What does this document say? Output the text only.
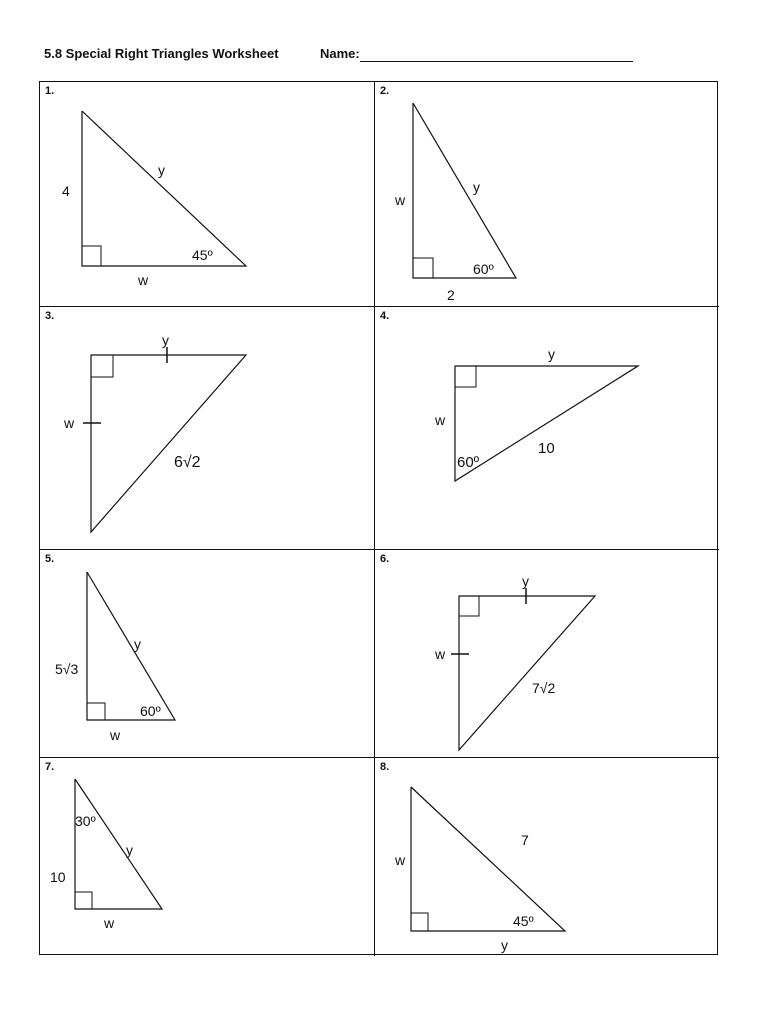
5.8 Special Right Triangles Worksheet	Name:
1.
4
y
w
45º
2.
w
y
2
60º
3.
y
w
6√2
4.
y
w
10
60º
5.
5√3
y
w
60º
6.
y
w
7√2
7.
10
y
w
30º
8.
w
7
y
45º
